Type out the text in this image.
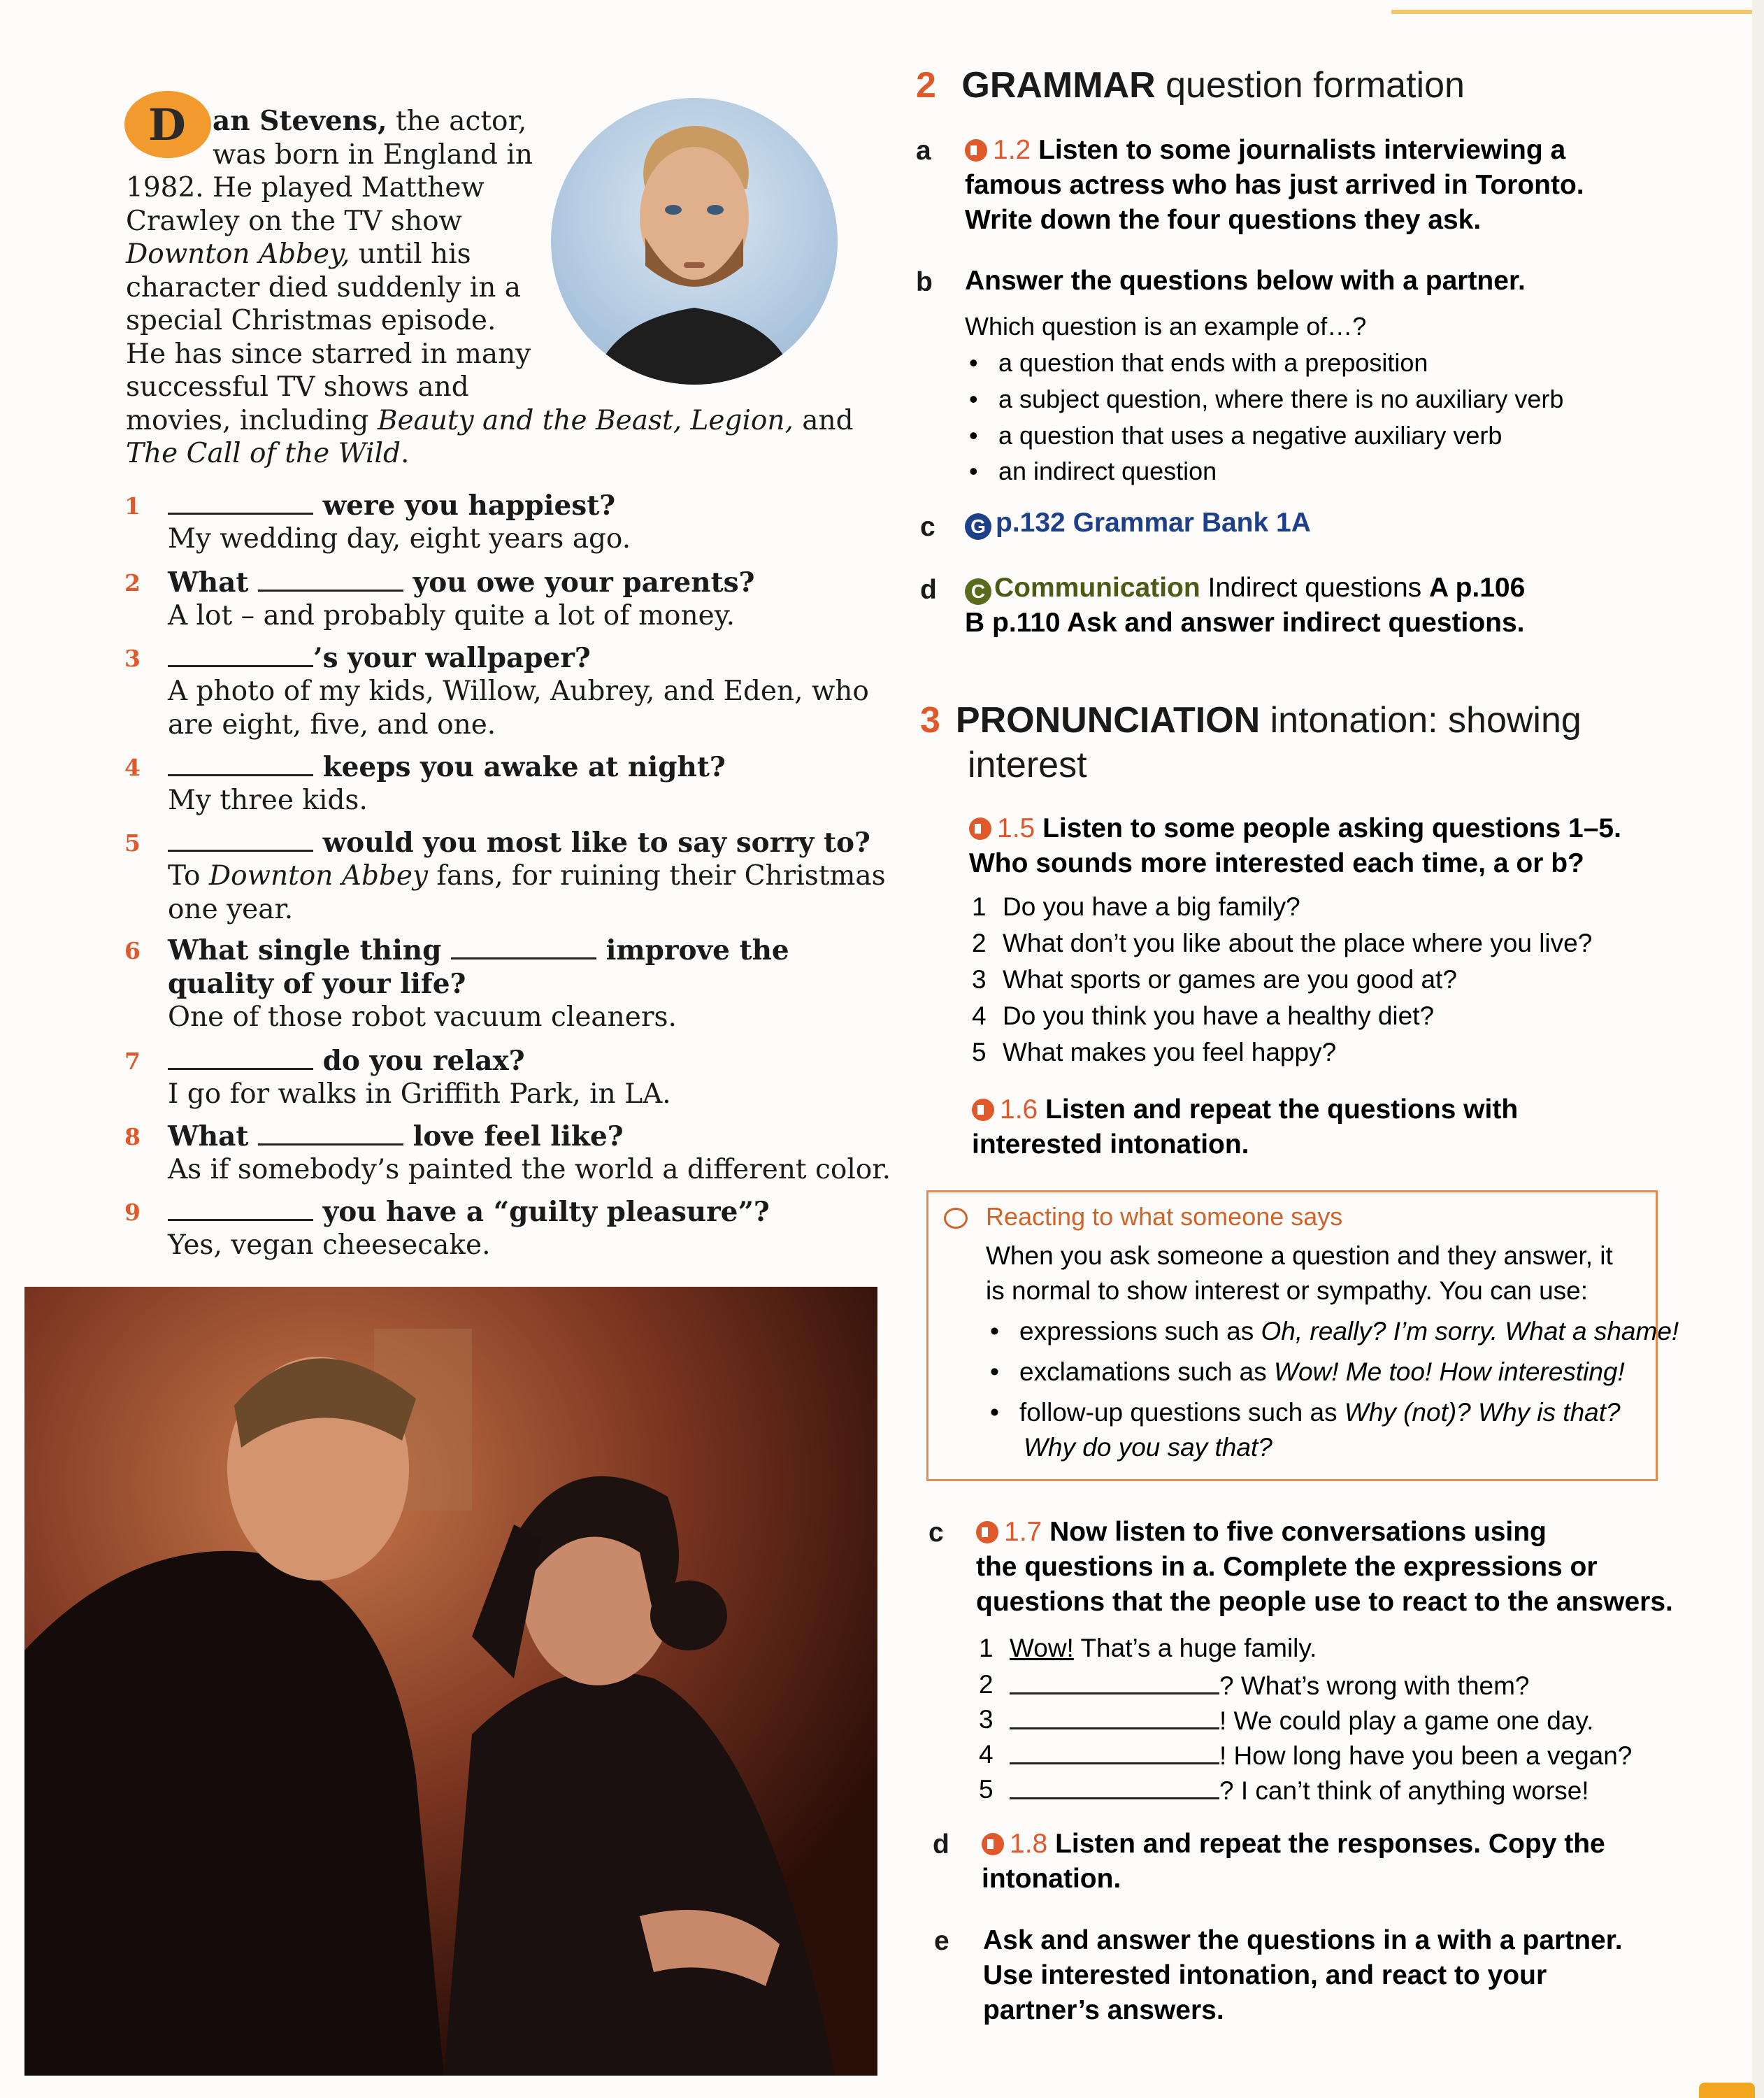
D an Stevens, the actor,
was born in England in
1982. He played Matthew
Crawley on the TV show
Downton Abbey, until his
character died suddenly in a
special Christmas episode.
He has since starred in many
successful TV shows and
movies, including Beauty and the Beast, Legion, and
The Call of the Wild.
1	were you happiest?
My wedding day, eight years ago.
2 What	you owe your parents?
A lot – and probably quite a lot of money.
3	’s your wallpaper?
A photo of my kids, Willow, Aubrey, and Eden, who
are eight, five, and one.
4	keeps you awake at night?
My three kids.
5	would you most like to say sorry to?
To Downton Abbey fans, for ruining their Christmas
one year.
6 What single thing	improve the
quality of your life?
One of those robot vacuum cleaners.
7	do you relax?
I go for walks in Griffith Park, in LA.
8 What	love feel like?
As if somebody’s painted the world a different color.
9	you have a “guilty pleasure”?
Yes, vegan cheesecake.
2 GRAMMAR question formation
a	1.2 Listen to some journalists interviewing a
famous actress who has just arrived in Toronto.
Write down the four questions they ask.
b Answer the questions below with a partner.
Which question is an example of…?
• a question that ends with a preposition
• a subject question, where there is no auxiliary verb
• a question that uses a negative auxiliary verb
• an indirect question
c G p.132 Grammar Bank 1A
d	C Communication Indirect questions A p.106
B p.110 Ask and answer indirect questions.
3 PRONUNCIATION intonation: showing
interest
1.5 Listen to some people asking questions 1–5.
Who sounds more interested each time, a or b?
1 Do you have a big family?
2 What don’t you like about the place where you live?
3 What sports or games are you good at?
4 Do you think you have a healthy diet?
5 What makes you feel happy?
1.6 Listen and repeat the questions with
interested intonation.
Reacting to what someone says
When you ask someone a question and they answer, it
is normal to show interest or sympathy. You can use:
• expressions such as Oh, really? I’m sorry. What a shame!
• exclamations such as Wow! Me too! How interesting!
• follow-up questions such as Why (not)? Why is that?
Why do you say that?
c	1.7 Now listen to five conversations using
the questions in a. Complete the expressions or
questions that the people use to react to the answers.
1 Wow! That’s a huge family.
2	? What’s wrong with them?
3	! We could play a game one day.
4	! How long have you been a vegan?
5	? I can’t think of anything worse!
d	1.8 Listen and repeat the responses. Copy the
intonation.
e Ask and answer the questions in a with a partner.
Use interested intonation, and react to your
partner’s answers.
